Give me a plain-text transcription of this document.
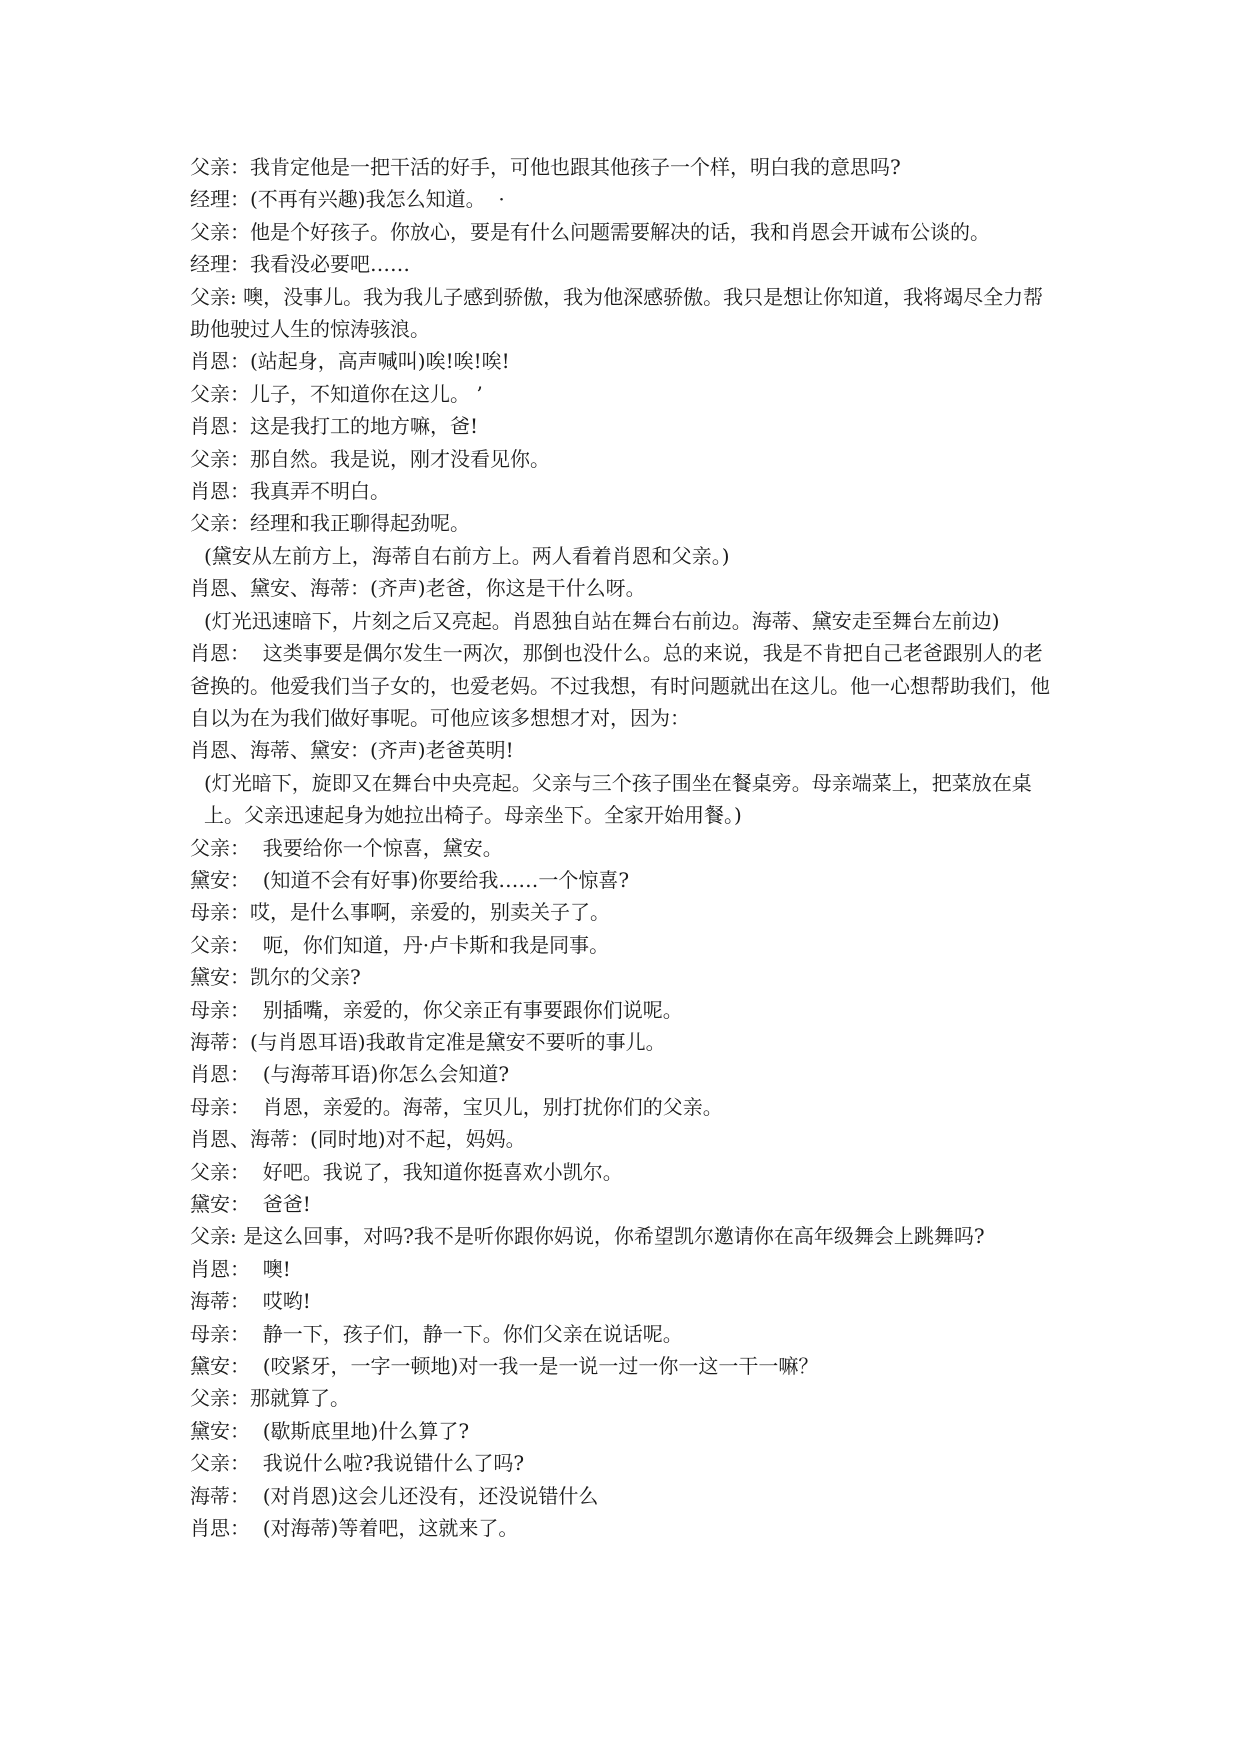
父亲：我肯定他是一把干活的好手，可他也跟其他孩子一个样，明白我的意思吗?

经理：(不再有兴趣)我怎么知道。  ·

父亲：他是个好孩子。你放心，要是有什么问题需要解决的话，我和肖恩会开诚布公谈的。

经理：我看没必要吧……

父亲: 噢，没事儿。我为我儿子感到骄傲，我为他深感骄傲。我只是想让你知道，我将竭尽全力帮助他驶过人生的惊涛骇浪。

肖恩：(站起身，高声喊叫)唉!唉!唉!

父亲：儿子，不知道你在这儿。 ’

肖恩：这是我打工的地方嘛，爸!

父亲：那自然。我是说，刚才没看见你。

肖恩：我真弄不明白。

父亲：经理和我正聊得起劲呢。

(黛安从左前方上，海蒂自右前方上。两人看着肖恩和父亲。)

肖恩、黛安、海蒂：(齐声)老爸，你这是干什么呀。

(灯光迅速暗下，片刻之后又亮起。肖恩独自站在舞台右前边。海蒂、黛安走至舞台左前边)

肖恩：  这类事要是偶尔发生一两次，那倒也没什么。总的来说，我是不肯把自己老爸跟别人的老爸换的。他爱我们当子女的，也爱老妈。不过我想，有时问题就出在这儿。他一心想帮助我们，他自以为在为我们做好事呢。可他应该多想想才对，因为：

肖恩、海蒂、黛安：(齐声)老爸英明!

(灯光暗下，旋即又在舞台中央亮起。父亲与三个孩子围坐在餐桌旁。母亲端菜上，把菜放在桌上。父亲迅速起身为她拉出椅子。母亲坐下。全家开始用餐。)

父亲：  我要给你一个惊喜，黛安。

黛安：  (知道不会有好事)你要给我……一个惊喜?

母亲：哎，是什么事啊，亲爱的，别卖关子了。

父亲：  呃，你们知道，丹·卢卡斯和我是同事。

黛安：凯尔的父亲?

母亲：  别插嘴，亲爱的，你父亲正有事要跟你们说呢。

海蒂：(与肖恩耳语)我敢肯定准是黛安不要听的事儿。

肖恩：  (与海蒂耳语)你怎么会知道?

母亲：  肖恩，亲爱的。海蒂，宝贝儿，别打扰你们的父亲。

肖恩、海蒂：(同时地)对不起，妈妈。

父亲：  好吧。我说了，我知道你挺喜欢小凯尔。

黛安：  爸爸!

父亲: 是这么回事，对吗?我不是听你跟你妈说，你希望凯尔邀请你在高年级舞会上跳舞吗?

肖恩：  噢!

海蒂：  哎哟!

母亲：  静一下，孩子们，静一下。你们父亲在说话呢。

黛安：  (咬紧牙，一字一顿地)对一我一是一说一过一你一这一干一嘛？

父亲：那就算了。

黛安：  (歇斯底里地)什么算了?

父亲：  我说什么啦?我说错什么了吗?

海蒂：  (对肖恩)这会儿还没有，还没说错什么

肖思：  (对海蒂)等着吧，这就来了。
